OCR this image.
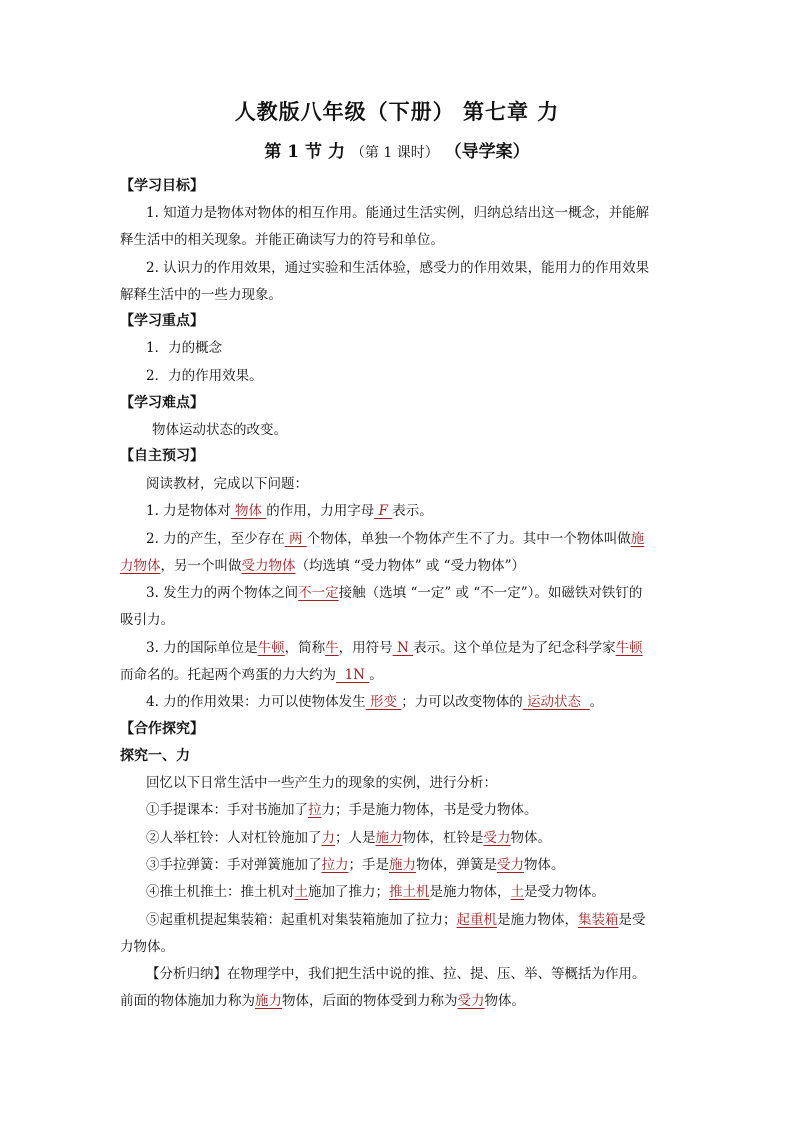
人教版八年级（下册） 第七章 力
第 1 节 力 （第 1 课时） （导学案）
【学习目标】
1. 知道力是物体对物体的相互作用。能通过生活实例，归纳总结出这一概念，并能解
释生活中的相关现象。并能正确读写力的符号和单位。
2. 认识力的作用效果，通过实验和生活体验，感受力的作用效果，能用力的作用效果
解释生活中的一些力现象。
【学习重点】
1．力的概念
2．力的作用效果。
【学习难点】
物体运动状态的改变。
【自主预习】
阅读教材，完成以下问题：
1. 力是物体对 物体 的作用，力用字母 F 表示。
2. 力的产生，至少存在 两 个物体，单独一个物体产生不了力。其中一个物体叫做施
力物体，另一个叫做受力物体（均选填 “受力物体” 或 “受力物体”）
3. 发生力的两个物体之间不一定接触（选填 “一定” 或 “不一定”）。如磁铁对铁钉的
吸引力。
3. 力的国际单位是牛顿，简称牛，用符号 N 表示。这个单位是为了纪念科学家牛顿
而命名的。托起两个鸡蛋的力大约为 1N 。
4. 力的作用效果：力可以使物体发生 形变 ；力可以改变物体的 运动状态 。
【合作探究】
探究一、力
回忆以下日常生活中一些产生力的现象的实例，进行分析：
①手提课本：手对书施加了拉力；手是施力物体，书是受力物体。
②人举杠铃：人对杠铃施加了力；人是施力物体，杠铃是受力物体。
③手拉弹簧：手对弹簧施加了拉力；手是施力物体，弹簧是受力物体。
④推土机推土：推土机对土施加了推力；推土机是施力物体，土是受力物体。
⑤起重机提起集装箱：起重机对集装箱施加了拉力；起重机是施力物体，集装箱是受
力物体。
【分析归纳】在物理学中，我们把生活中说的推、拉、提、压、举、等概括为作用。
前面的物体施加力称为施力物体，后面的物体受到力称为受力物体。
